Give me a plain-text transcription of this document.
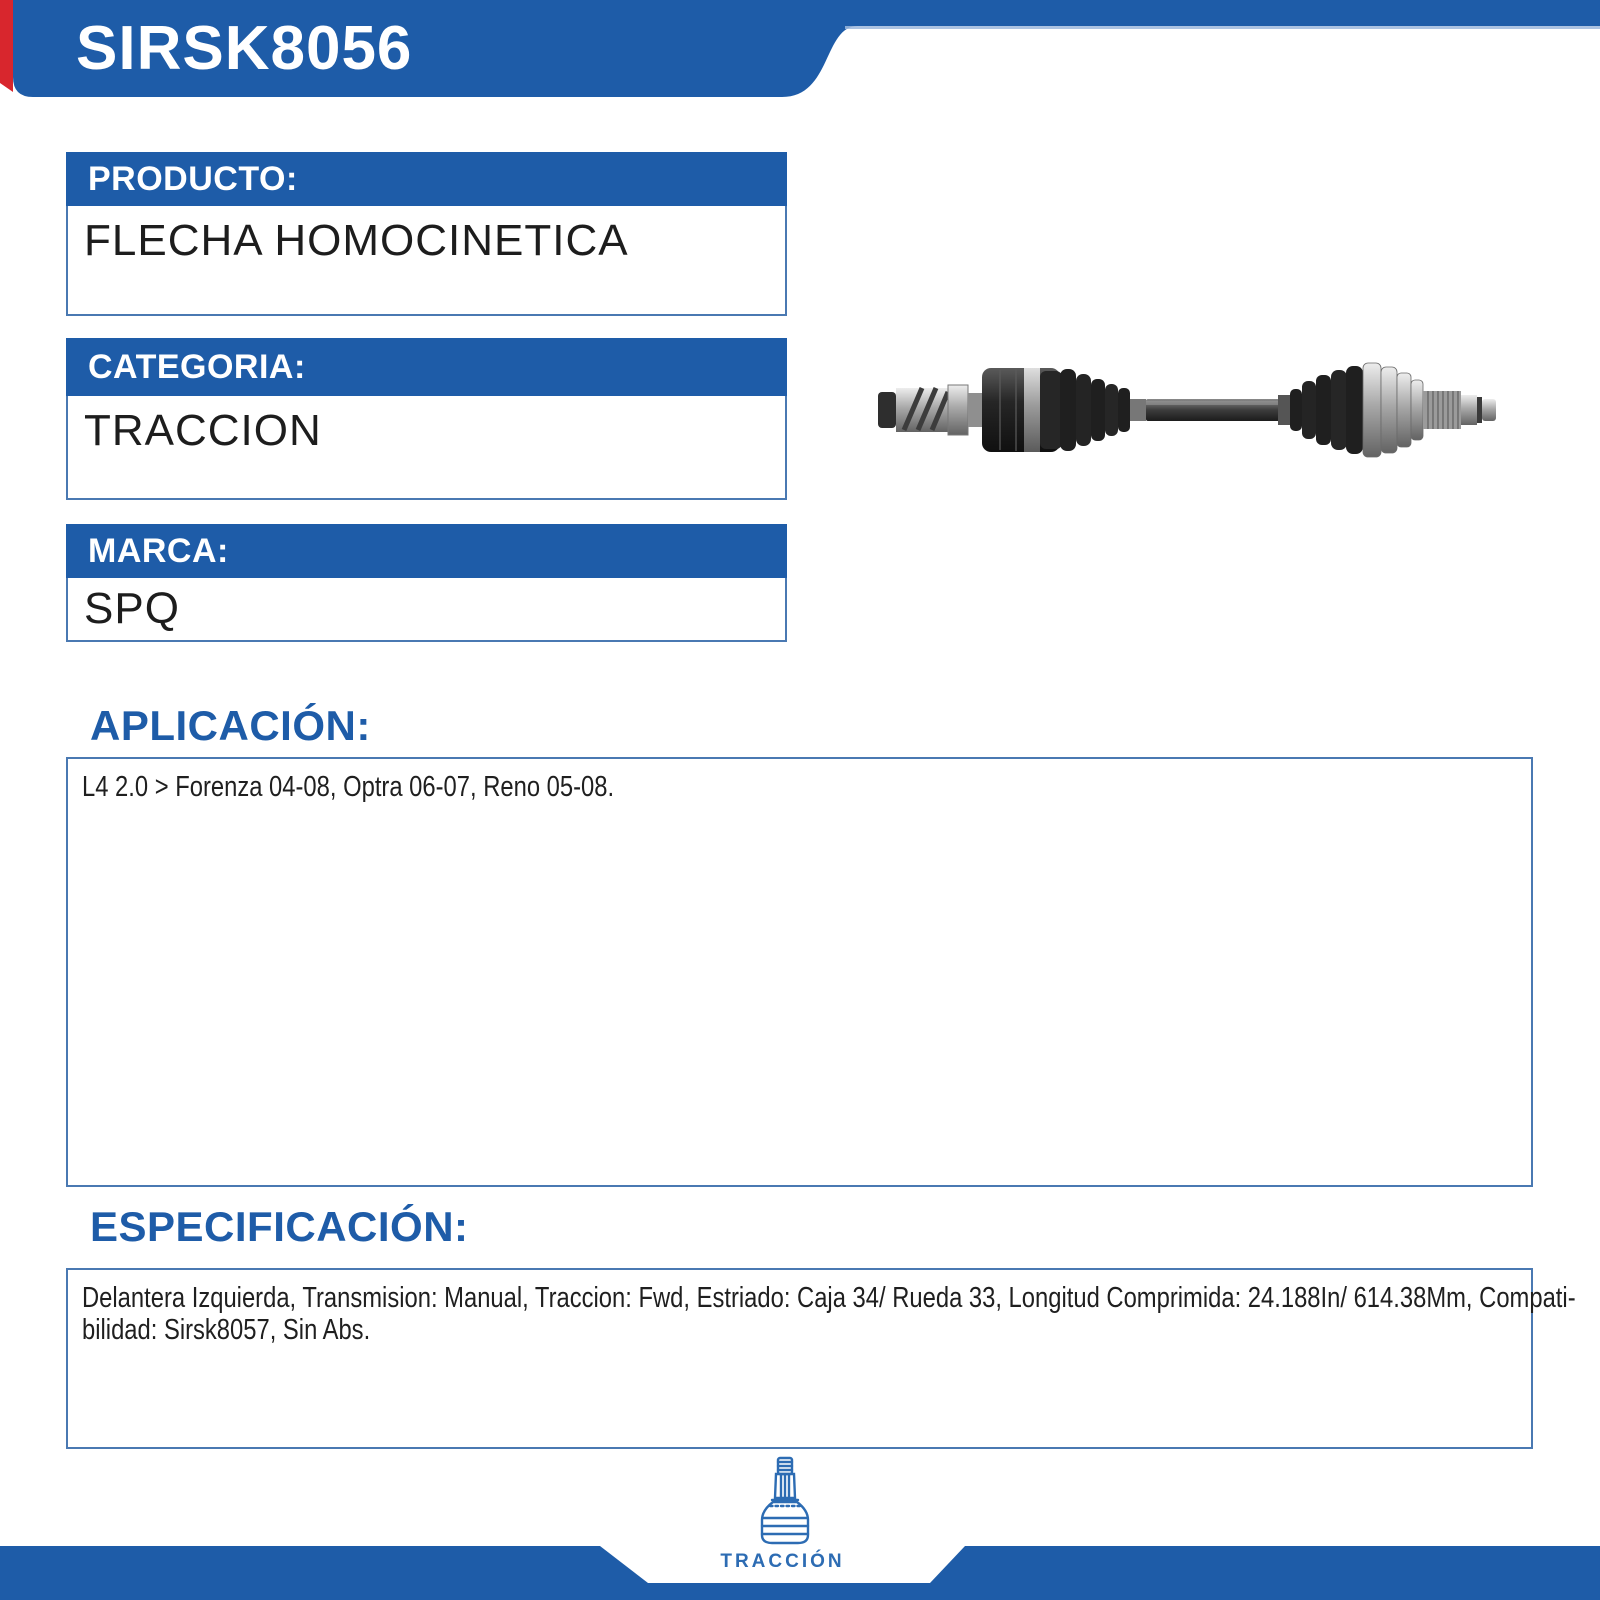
SIRSK8056
PRODUCTO:
FLECHA HOMOCINETICA
CATEGORIA:
TRACCION
MARCA:
SPQ
APLICACIÓN:
L4 2.0 > Forenza 04-08, Optra 06-07, Reno 05-08.
ESPECIFICACIÓN:
Delantera Izquierda, Transmision: Manual, Traccion: Fwd, Estriado: Caja 34/ Rueda 33, Longitud Comprimida: 24.188In/ 614.38Mm, Compati-
bilidad: Sirsk8057, Sin Abs.
TRACCIÓN
